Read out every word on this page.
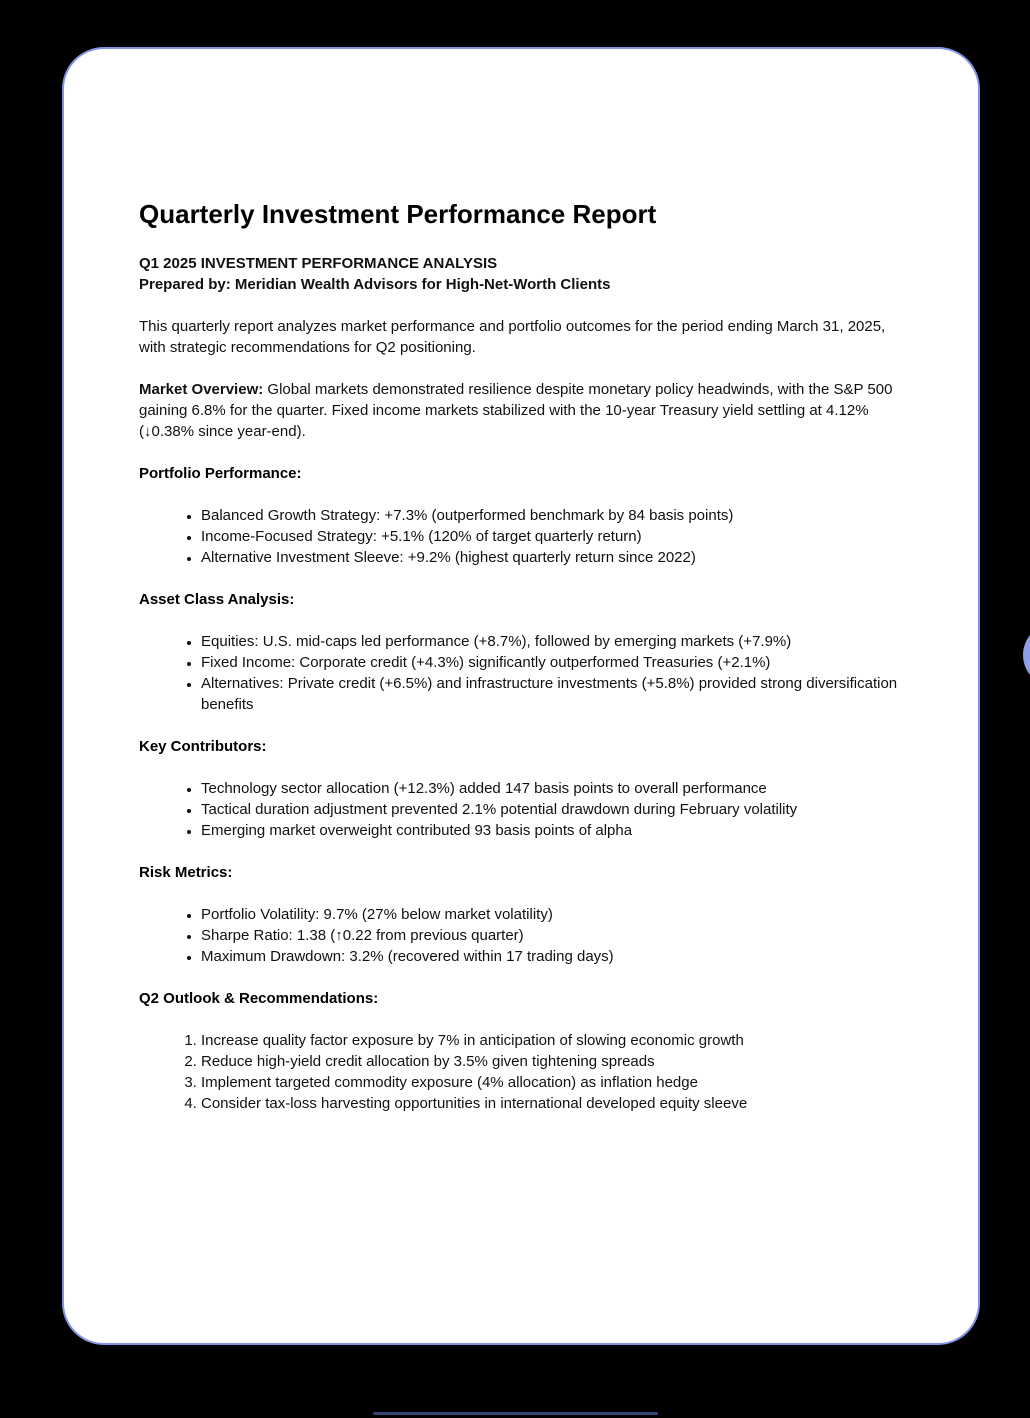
Quarterly Investment Performance Report
Q1 2025 INVESTMENT PERFORMANCE ANALYSIS
Prepared by: Meridian Wealth Advisors for High-Net-Worth Clients

This quarterly report analyzes market performance and portfolio outcomes for the period ending March 31, 2025, with strategic recommendations for Q2 positioning.

Market Overview: Global markets demonstrated resilience despite monetary policy headwinds, with the S&P 500 gaining 6.8% for the quarter. Fixed income markets stabilized with the 10-year Treasury yield settling at 4.12% (↓0.38% since year-end).

Portfolio Performance:
• Balanced Growth Strategy: +7.3% (outperformed benchmark by 84 basis points)
• Income-Focused Strategy: +5.1% (120% of target quarterly return)
• Alternative Investment Sleeve: +9.2% (highest quarterly return since 2022)
Asset Class Analysis:
• Equities: U.S. mid-caps led performance (+8.7%), followed by emerging markets (+7.9%)
• Fixed Income: Corporate credit (+4.3%) significantly outperformed Treasuries (+2.1%)
• Alternatives: Private credit (+6.5%) and infrastructure investments (+5.8%) provided strong diversification benefits
Key Contributors:
• Technology sector allocation (+12.3%) added 147 basis points to overall performance
• Tactical duration adjustment prevented 2.1% potential drawdown during February volatility
• Emerging market overweight contributed 93 basis points of alpha
Risk Metrics:
• Portfolio Volatility: 9.7% (27% below market volatility)
• Sharpe Ratio: 1.38 (↑0.22 from previous quarter)
• Maximum Drawdown: 3.2% (recovered within 17 trading days)
Q2 Outlook & Recommendations:
1. Increase quality factor exposure by 7% in anticipation of slowing economic growth
2. Reduce high-yield credit allocation by 3.5% given tightening spreads
3. Implement targeted commodity exposure (4% allocation) as inflation hedge
4. Consider tax-loss harvesting opportunities in international developed equity sleeve
